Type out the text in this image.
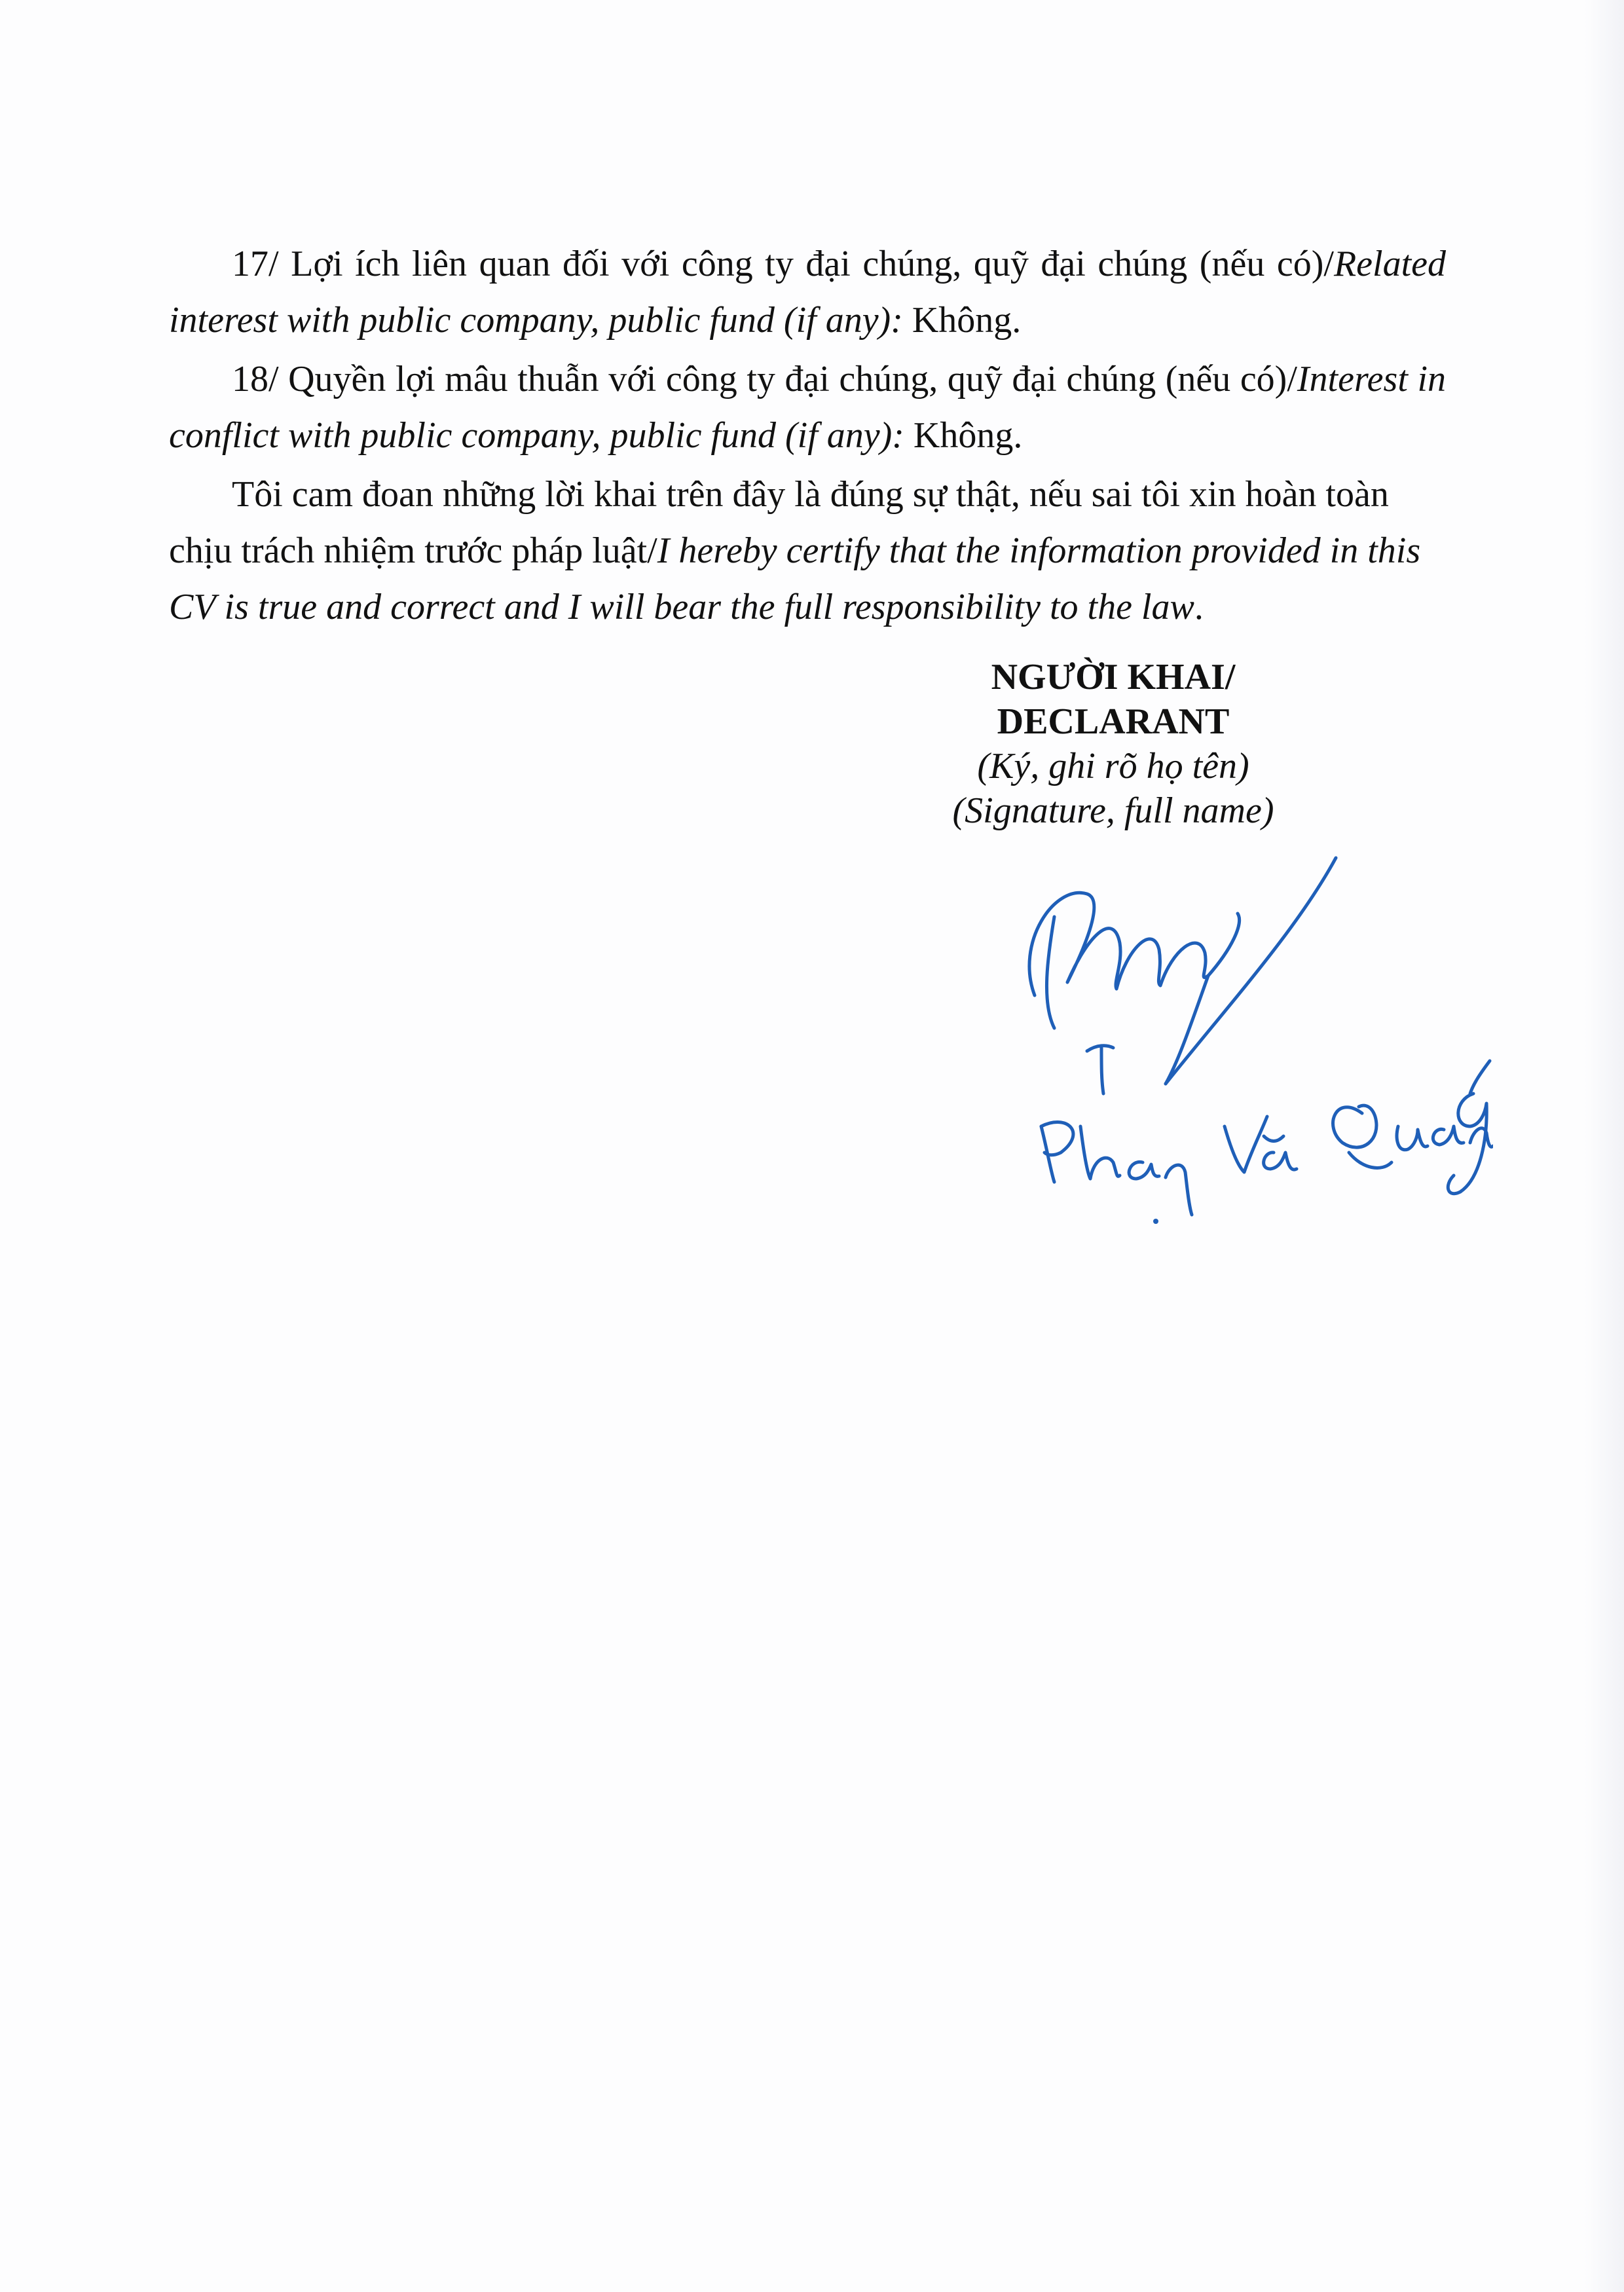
17/ Lợi ích liên quan đối với công ty đại chúng, quỹ đại chúng (nếu có)/Related interest with public company, public fund (if any): Không.

18/ Quyền lợi mâu thuẫn với công ty đại chúng, quỹ đại chúng (nếu có)/Interest in conflict with public company, public fund (if any): Không.

Tôi cam đoan những lời khai trên đây là đúng sự thật, nếu sai tôi xin hoàn toàn chịu trách nhiệm trước pháp luật/I hereby certify that the information provided in this CV is true and correct and I will bear the full responsibility to the law.

NGƯỜI KHAI/

DECLARANT

(Ký, ghi rõ họ tên)

(Signature, full name)
